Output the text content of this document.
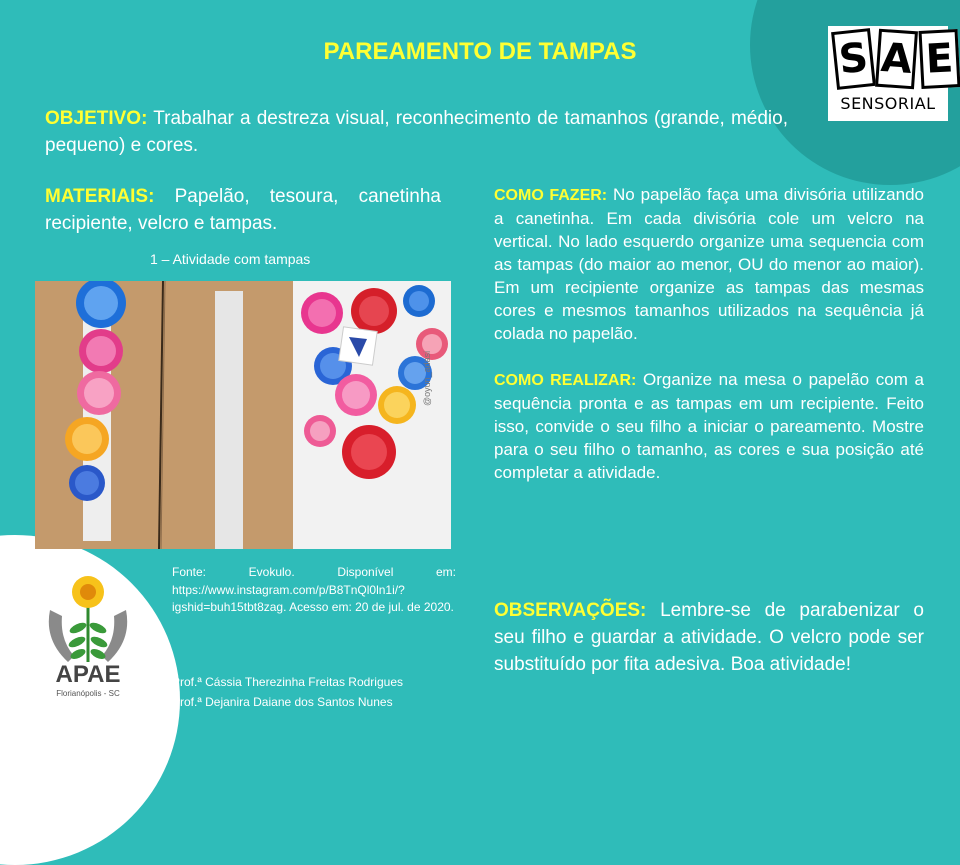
S A E
SENSORIAL
PAREAMENTO DE TAMPAS
OBJETIVO: Trabalhar a destreza visual, reconhecimento de tamanhos (grande, médio, pequeno) e cores.
MATERIAIS: Papelão, tesoura, canetinha recipiente, velcro e tampas.
1 – Atividade com tampas
@oyun_adasi

COMO FAZER: No papelão faça uma divisória utilizando a canetinha. Em cada divisória cole um velcro na vertical. No lado esquerdo organize uma sequencia com as tampas (do maior ao menor, OU do menor ao maior). Em um recipiente organize as tampas das mesmas cores e mesmos tamanhos utilizados na sequência já colada no papelão.

COMO REALIZAR: Organize na mesa o papelão com a sequência pronta e as tampas em um recipiente. Feito isso, convide o seu filho a iniciar o pareamento. Mostre para o seu filho o tamanho, as cores e sua posição até completar a atividade.

OBSERVAÇÕES: Lembre-se de parabenizar o seu filho e guardar a atividade. O velcro pode ser substituído por fita adesiva. Boa atividade!
Fonte: Evokulo. Disponível em: https://www.instagram.com/p/B8TnQl0ln1i/?igshid=buh15tbt8zag. Acesso em: 20 de jul. de 2020.
Prof.ª Cássia Therezinha Freitas Rodrigues
Prof.ª Dejanira Daiane dos Santos Nunes
APAE
Florianópolis - SC
